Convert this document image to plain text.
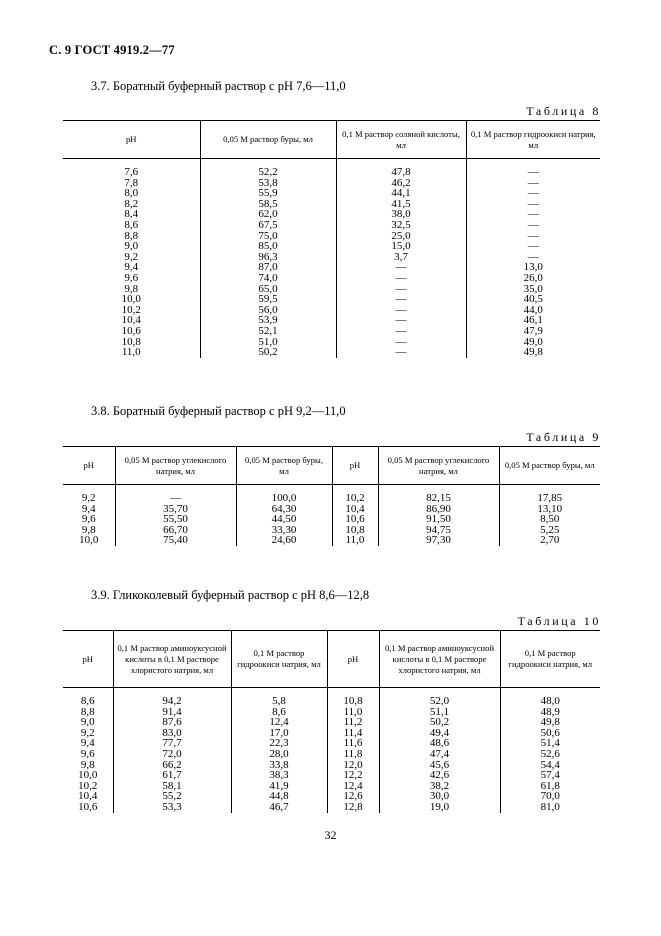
С. 9 ГОСТ 4919.2—77
3.7. Боратный буферный раствор с pH 7,6—11,0
Таблица 8
pH	0,05 М раствор буры, мл	0,1 М раствор соляной кислоты, мл	0,1 М раствор гидроокиси натрия, мл

7,6	52,2	47,8	—
7,8	53,8	46,2	—
8,0	55,9	44,1	—
8,2	58,5	41,5	—
8,4	62,0	38,0	—
8,6	67,5	32,5	—
8,8	75,0	25,0	—
9,0	85,0	15,0	—
9,2	96,3	3,7	—
9,4	87,0	—	13,0
9,6	74,0	—	26,0
9,8	65,0	—	35,0
10,0	59,5	—	40,5
10,2	56,0	—	44,0
10,4	53,9	—	46,1
10,6	52,1	—	47,9
10,8	51,0	—	49,0
11,0	50,2	—	49,8
3.8. Боратный буферный раствор с pH 9,2—11,0
Таблица 9
pH	0,05 М раствор углекислого натрия, мл	0,05 М раствор буры, мл	pH	0,05 М раствор углекислого натрия, мл	0,05 М раствор буры, мл

9,2	—	100,0	10,2	82,15	17,85
9,4	35,70	64,30	10,4	86,90	13,10
9,6	55,50	44,50	10,6	91,50	8,50
9,8	66,70	33,30	10,8	94,75	5,25
10,0	75,40	24,60	11,0	97,30	2,70
3.9. Гликоколевый буферный раствор с pH 8,6—12,8
Таблица 10
pH	0,1 М раствор аминоуксусной кислоты в 0,1 М растворе хлористого натрия, мл	0,1 М раствор гидроокиси натрия, мл	pH	0,1 М раствор аминоуксусной кислоты в 0,1 М растворе хлористого натрия, мл	0,1 М раствор гидроокиси натрия, мл

8,6	94,2	5,8	10,8	52,0	48,0
8,8	91,4	8,6	11,0	51,1	48,9
9,0	87,6	12,4	11,2	50,2	49,8
9,2	83,0	17,0	11,4	49,4	50,6
9,4	77,7	22,3	11,6	48,6	51,4
9,6	72,0	28,0	11,8	47,4	52,6
9,8	66,2	33,8	12,0	45,6	54,4
10,0	61,7	38,3	12,2	42,6	57,4
10,2	58,1	41,9	12,4	38,2	61,8
10,4	55,2	44,8	12,6	30,0	70,0
10,6	53,3	46,7	12,8	19,0	81,0
32
